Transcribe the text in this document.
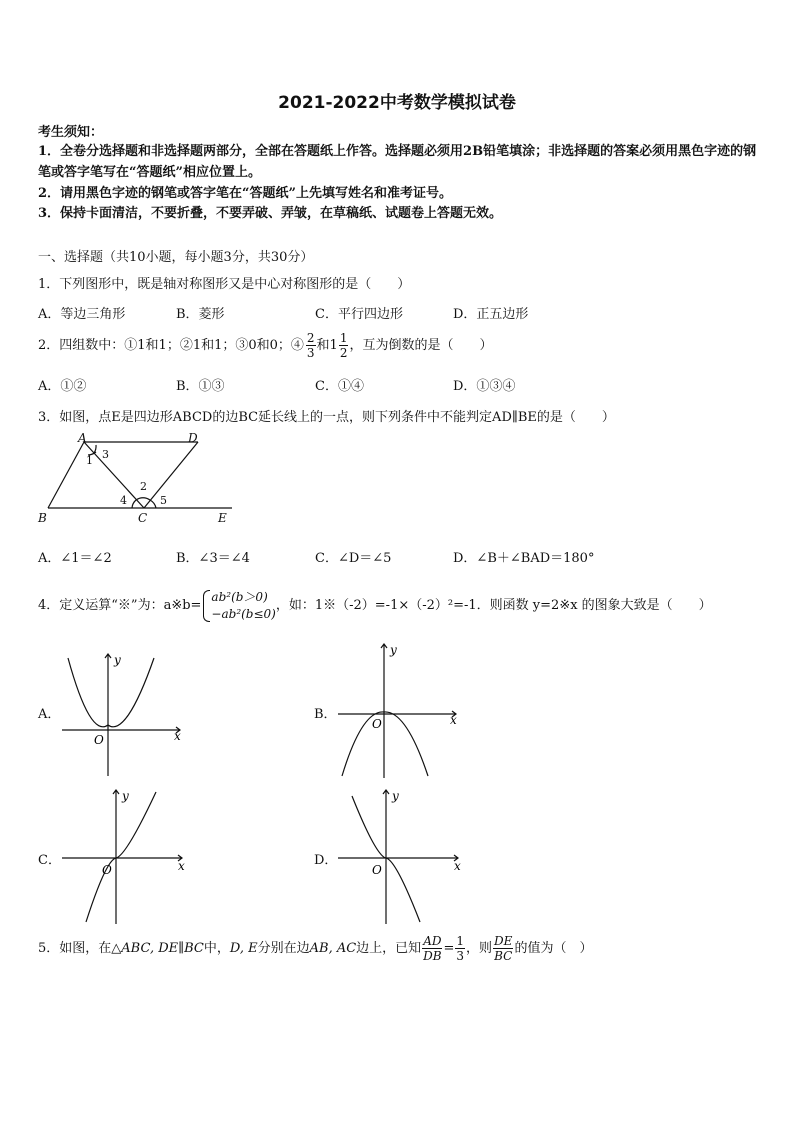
2021-2022中考数学模拟试卷
考生须知：
1．全卷分选择题和非选择题两部分，全部在答题纸上作答。选择题必须用2B铅笔填涂；非选择题的答案必须用黑色字迹的钢笔或答字笔写在“答题纸”相应位置上。
2．请用黑色字迹的钢笔或答字笔在“答题纸”上先填写姓名和准考证号。
3．保持卡面清洁，不要折叠，不要弄破、弄皱，在草稿纸、试题卷上答题无效。
一、选择题（共10小题，每小题3分，共30分）
1．下列图形中，既是轴对称图形又是中心对称图形的是（　　）
A．等边三角形	B．菱形	C．平行四边形	D．正五边形
2．四组数中：①1和1；②1和1；③0和0；④ $\frac{2}{3}$ 和$1 \frac{1}{2}$ ，互为倒数的是（　　）
A．①②	B．①③	C．①④	D．①③④
3．如图，点E是四边形ABCD的边BC延长线上的一点，则下列条件中不能判定AD∥BE的是（　　）
A	D
B	C	E
1 3
2
4	5
A．∠1＝∠2	B．∠3＝∠4	C．∠D＝∠5	D．∠B＋∠BAD＝180°
4．定义运算“※”为：a※b=
ab²(b＞0)
−ab²(b≤0)
，如：1※（-2）=-1×（-2）²=-1．则函数 y=2※x 的图象大致是（　　）
A．
O	x
y
B．
O	x
y
C．
O	x
y
D．
O	x
y
5．如图，在△ABC, DE∥BC中，D, E分别在边AB, AC边上，已知 $\frac{AD}{DB} = \frac{1}{3}$ ，则 $\frac{DE}{BC}$ 的值为（　）
